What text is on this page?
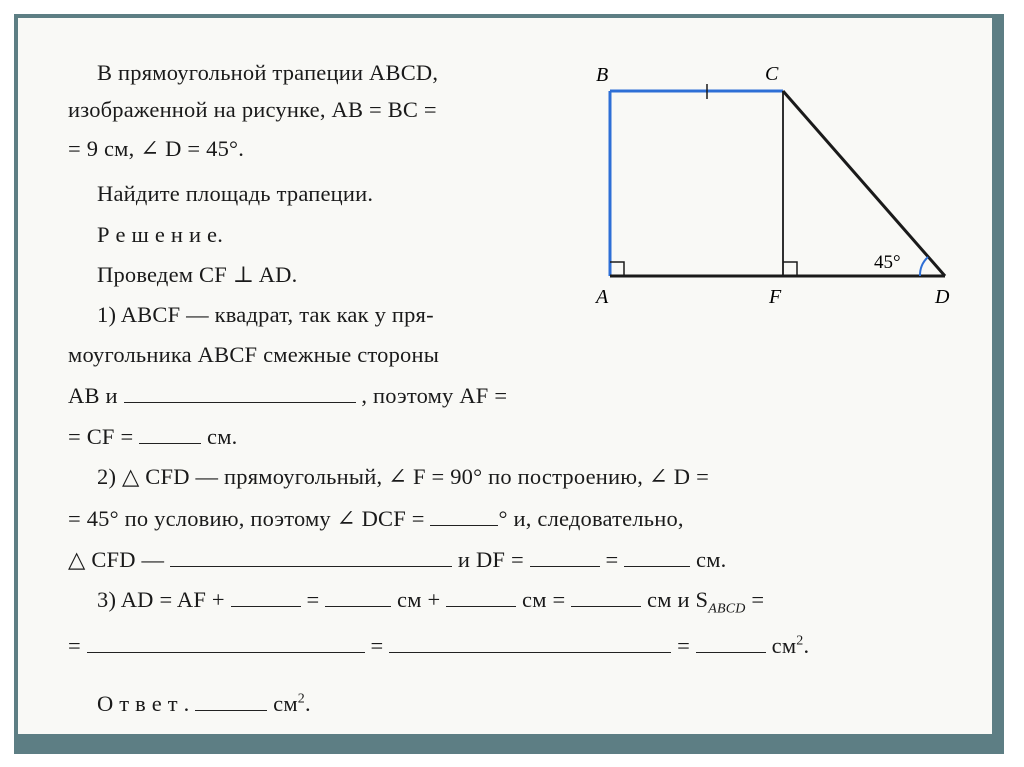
В прямоугольной трапеции ABCD,
изображенной на рисунке, AB = BC =
= 9 см, ∠ D = 45°.
Найдите площадь трапеции.
Р е ш е н и е.
Проведем CF ⊥ AD.
1) ABCF — квадрат, так как у пря-
моугольника ABCF смежные стороны
AB и	, поэтому AF =
= CF =	см.
2) △ CFD — прямоугольный, ∠ F = 90° по построению, ∠ D =
= 45° по условию, поэтому ∠ DCF =	° и, следовательно,
△ CFD —	и DF =	=	см.
3) AD = AF +	=	см +	см =	см и $S_{ABCD}$ =
=	=	=	$см^2$.
О т в е т .	$см^2$.
B	C
A	F	D
45°
